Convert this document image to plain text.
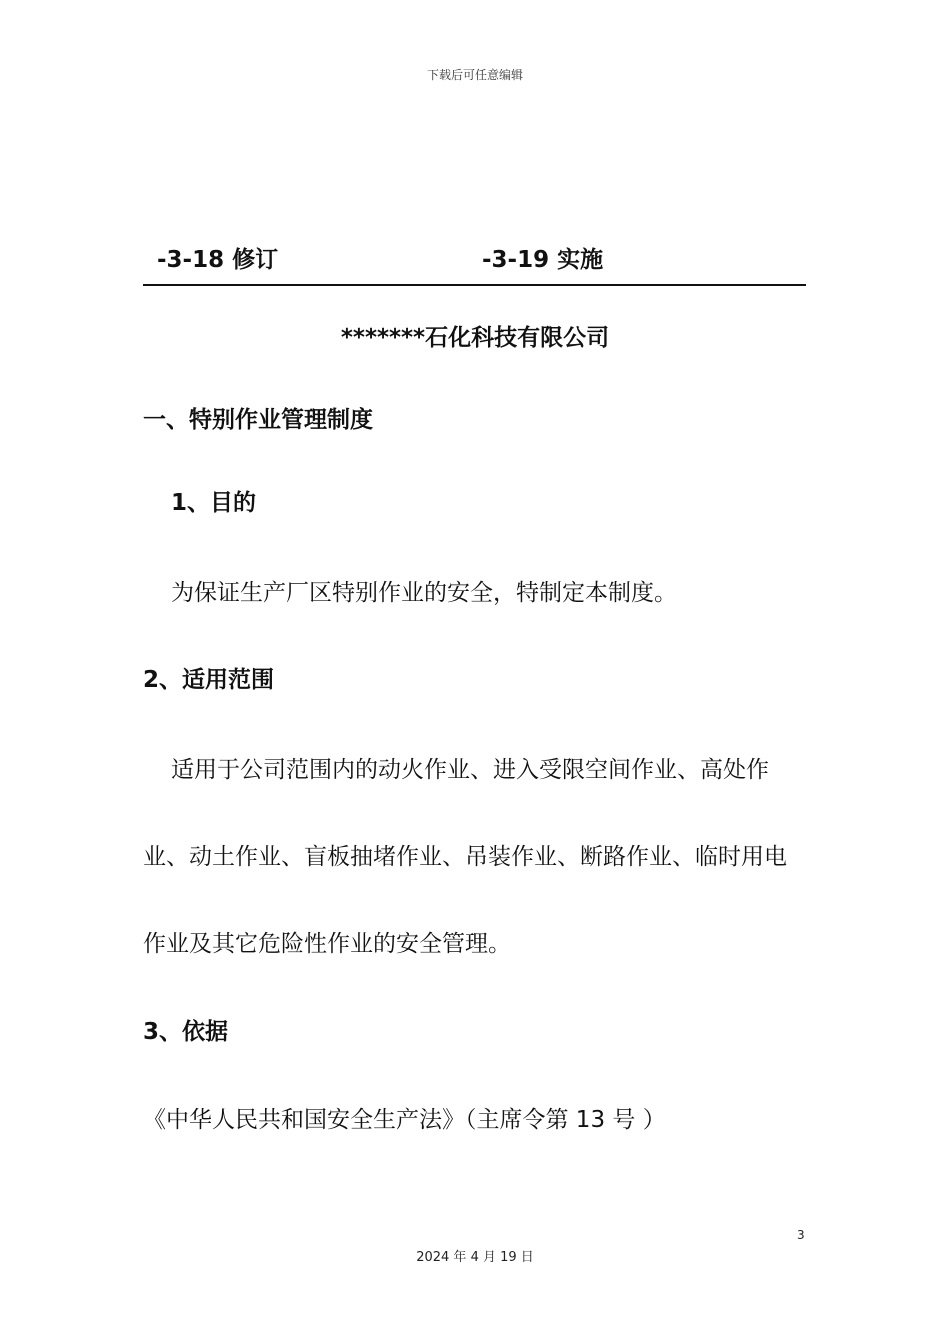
下载后可任意编辑
-3-18 修订	-3-19 实施
*******石化科技有限公司
一、特别作业管理制度
1、目的
为保证生产厂区特别作业的安全，特制定本制度。
2、适用范围
适用于公司范围内的动火作业、进入受限空间作业、高处作
业、动土作业、盲板抽堵作业、吊装作业、断路作业、临时用电
作业及其它危险性作业的安全管理。
3、依据
《中华人民共和国安全生产法》（主席令第 13 号 ）
3
2024 年 4 月 19 日
